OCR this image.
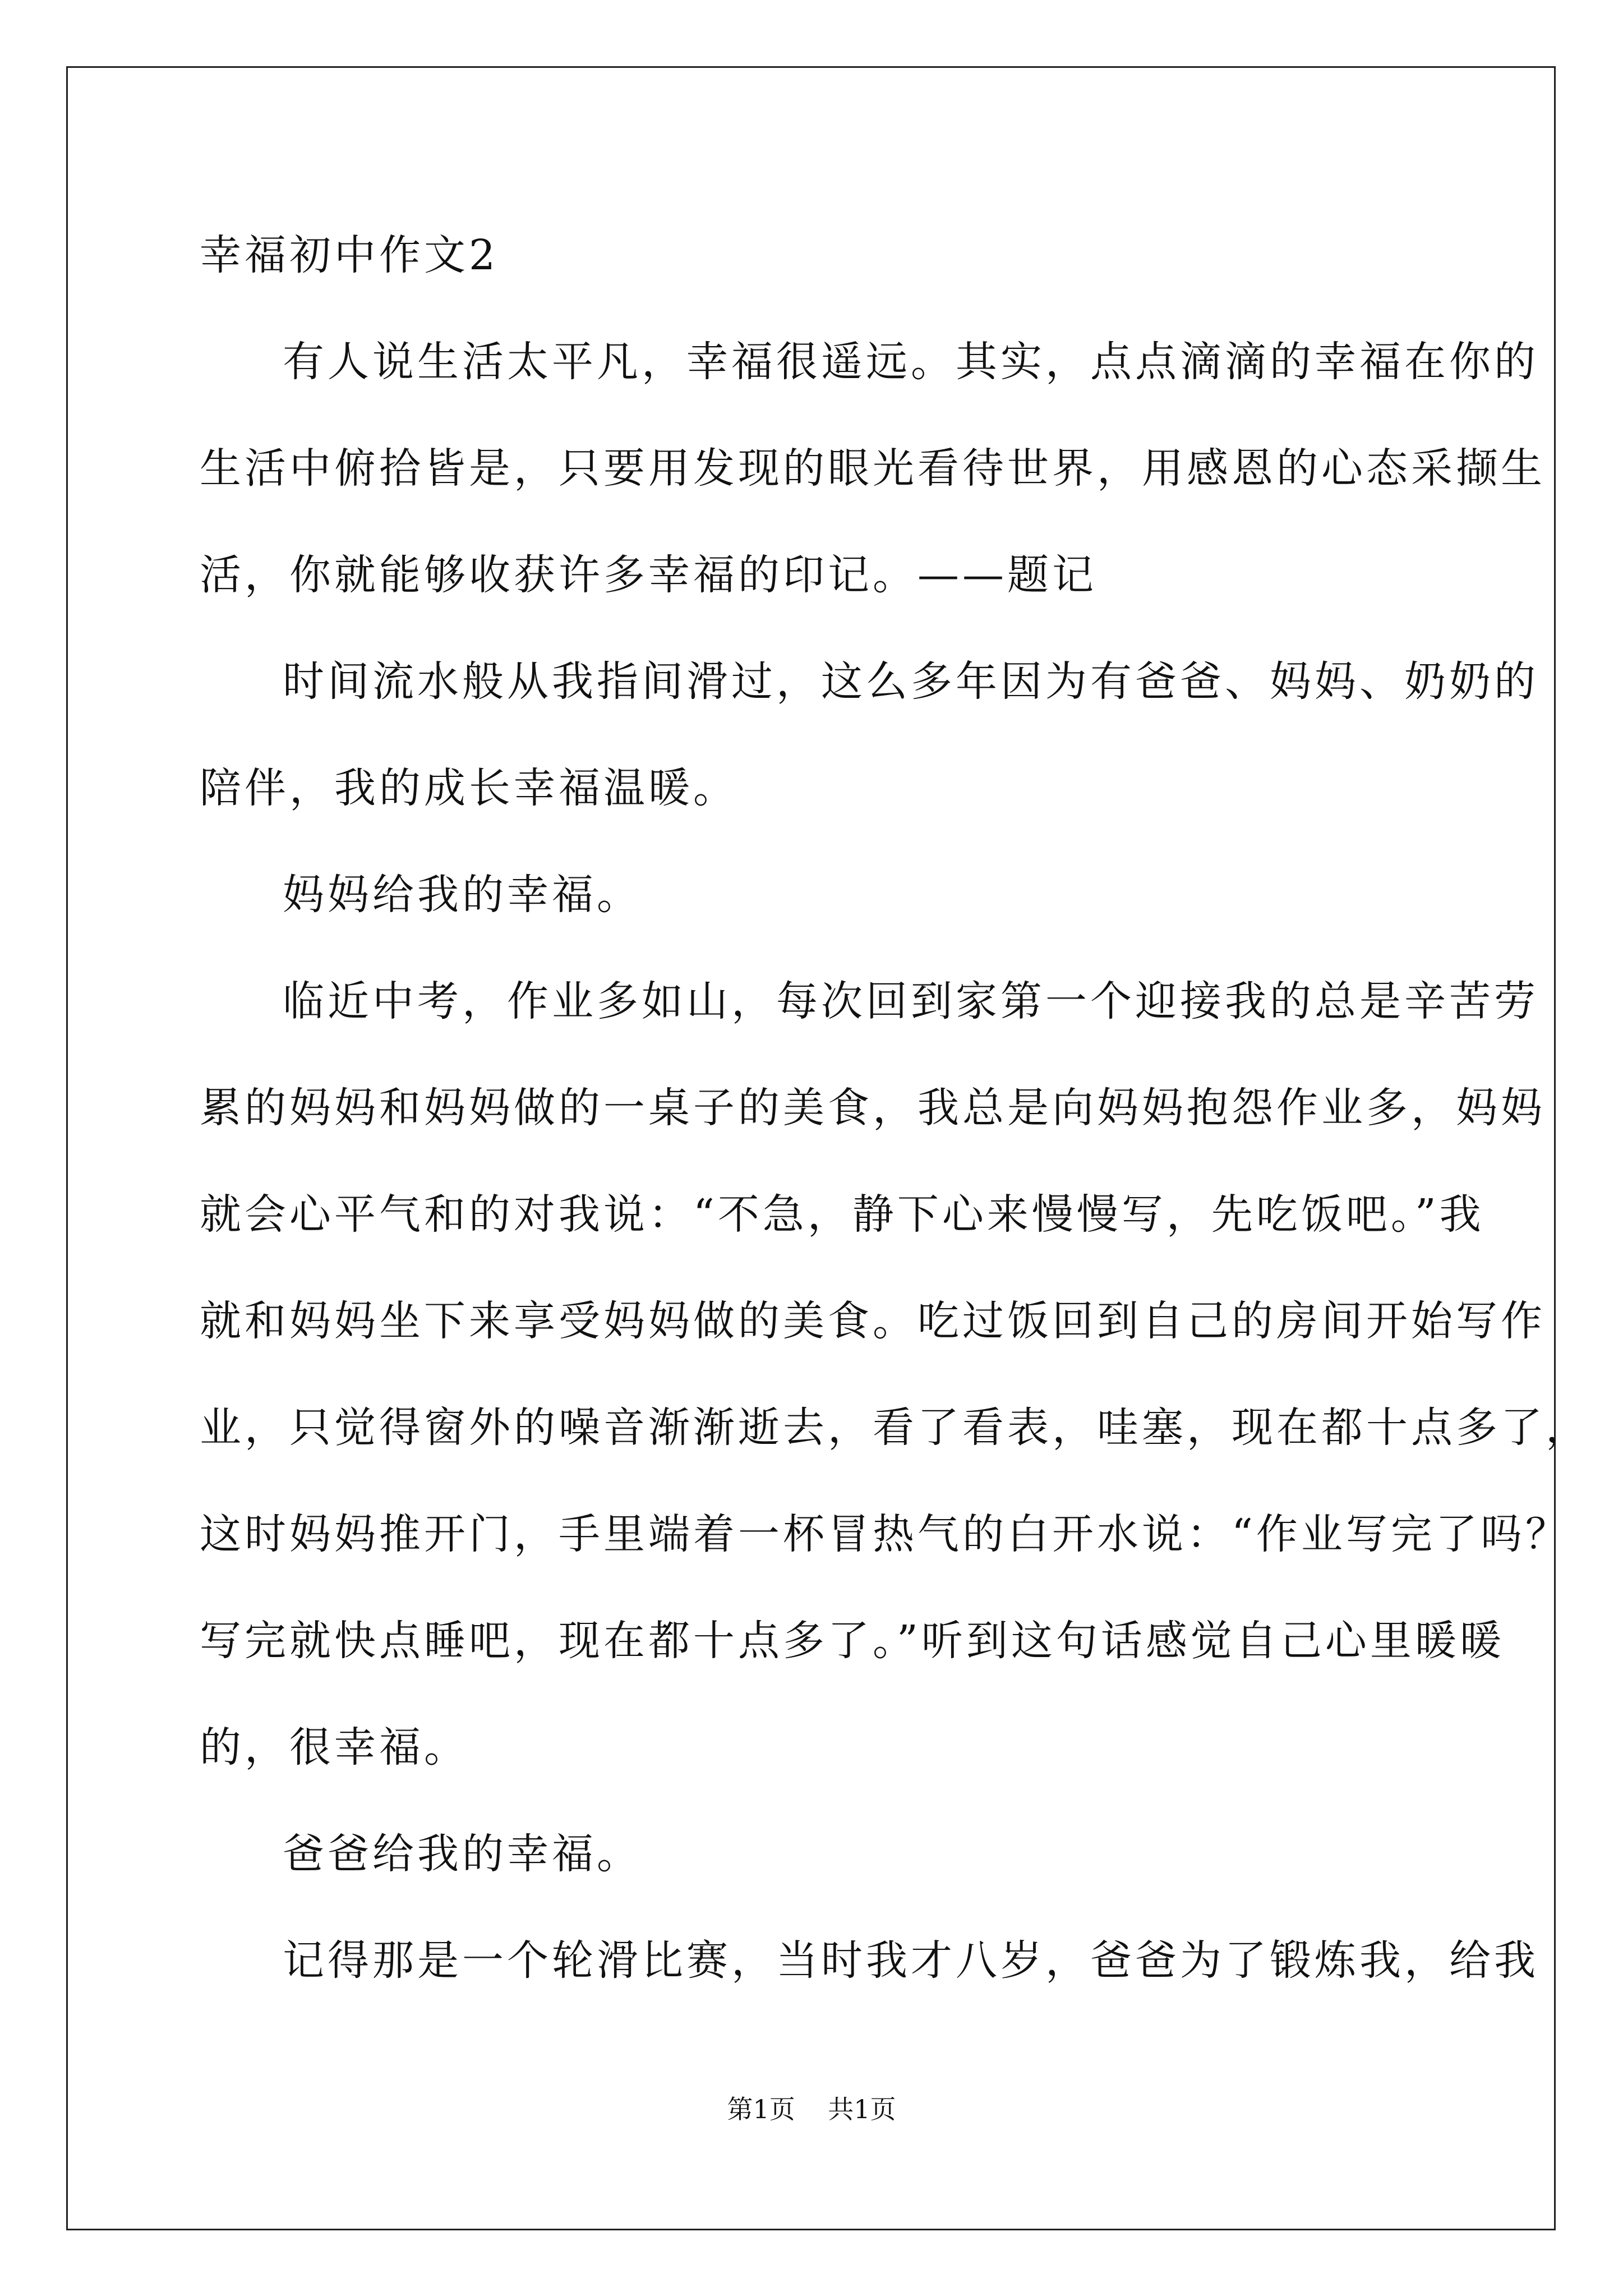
幸福初中作文2
有人说生活太平凡，幸福很遥远。其实，点点滴滴的幸福在你的
生活中俯拾皆是，只要用发现的眼光看待世界，用感恩的心态采撷生
活，你就能够收获许多幸福的印记。——题记
时间流水般从我指间滑过，这么多年因为有爸爸、妈妈、奶奶的
陪伴，我的成长幸福温暖。
妈妈给我的幸福。
临近中考，作业多如山，每次回到家第一个迎接我的总是辛苦劳
累的妈妈和妈妈做的一桌子的美食，我总是向妈妈抱怨作业多，妈妈
就会心平气和的对我说：“不急，静下心来慢慢写，先吃饭吧。”我
就和妈妈坐下来享受妈妈做的美食。吃过饭回到自己的房间开始写作
业，只觉得窗外的噪音渐渐逝去，看了看表，哇塞，现在都十点多了，
这时妈妈推开门，手里端着一杯冒热气的白开水说：“作业写完了吗？
写完就快点睡吧，现在都十点多了。”听到这句话感觉自己心里暖暖
的，很幸福。
爸爸给我的幸福。
记得那是一个轮滑比赛，当时我才八岁，爸爸为了锻炼我，给我
第1页 共1页
